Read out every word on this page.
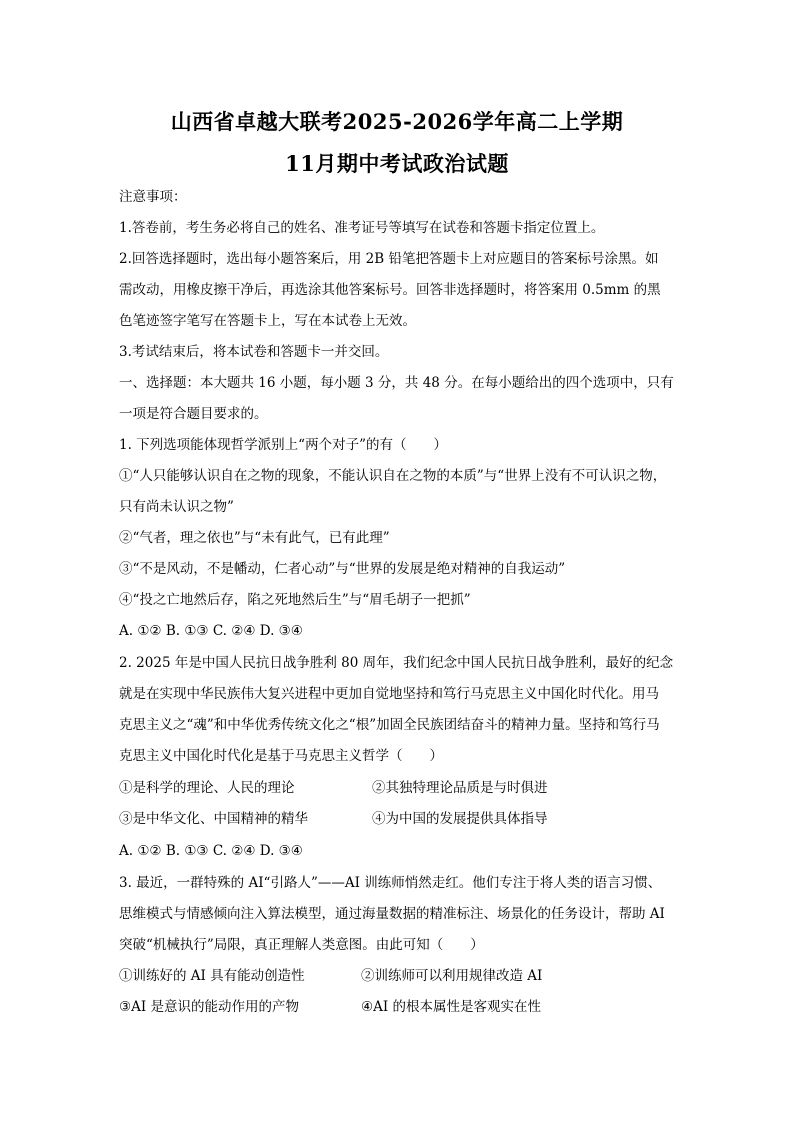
山西省卓越大联考2025-2026学年高二上学期
11月期中考试政治试题
注意事项：
1.答卷前，考生务必将自己的姓名、准考证号等填写在试卷和答题卡指定位置上。
2.回答选择题时，选出每小题答案后，用 2B 铅笔把答题卡上对应题目的答案标号涂黑。如
需改动，用橡皮擦干净后，再选涂其他答案标号。回答非选择题时，将答案用 0.5mm 的黑
色笔迹签字笔写在答题卡上，写在本试卷上无效。
3.考试结束后，将本试卷和答题卡一并交回。
一、选择题：本大题共 16 小题，每小题 3 分，共 48 分。在每小题给出的四个选项中，只有
一项是符合题目要求的。
1. 下列选项能体现哲学派别上“两个对子”的有（　　）
①“人只能够认识自在之物的现象，不能认识自在之物的本质”与“世界上没有不可认识之物，
只有尚未认识之物”
②“气者，理之依也”与“未有此气，已有此理”
③“不是风动，不是幡动，仁者心动”与“世界的发展是绝对精神的自我运动”
④“投之亡地然后存，陷之死地然后生”与“眉毛胡子一把抓”
A. ①② B. ①③ C. ②④ D. ③④
2. 2025 年是中国人民抗日战争胜利 80 周年，我们纪念中国人民抗日战争胜利，最好的纪念
就是在实现中华民族伟大复兴进程中更加自觉地坚持和笃行马克思主义中国化时代化。用马
克思主义之“魂”和中华优秀传统文化之“根”加固全民族团结奋斗的精神力量。坚持和笃行马
克思主义中国化时代化是基于马克思主义哲学（　　）
①是科学的理论、人民的理论	②其独特理论品质是与时俱进
③是中华文化、中国精神的精华	④为中国的发展提供具体指导
A. ①② B. ①③ C. ②④ D. ③④
3. 最近，一群特殊的 AI“引路人”——AI 训练师悄然走红。他们专注于将人类的语言习惯、
思维模式与情感倾向注入算法模型，通过海量数据的精准标注、场景化的任务设计，帮助 AI
突破“机械执行”局限，真正理解人类意图。由此可知（　　）
①训练好的 AI 具有能动创造性	②训练师可以利用规律改造 AI
③AI 是意识的能动作用的产物	④AI 的根本属性是客观实在性
